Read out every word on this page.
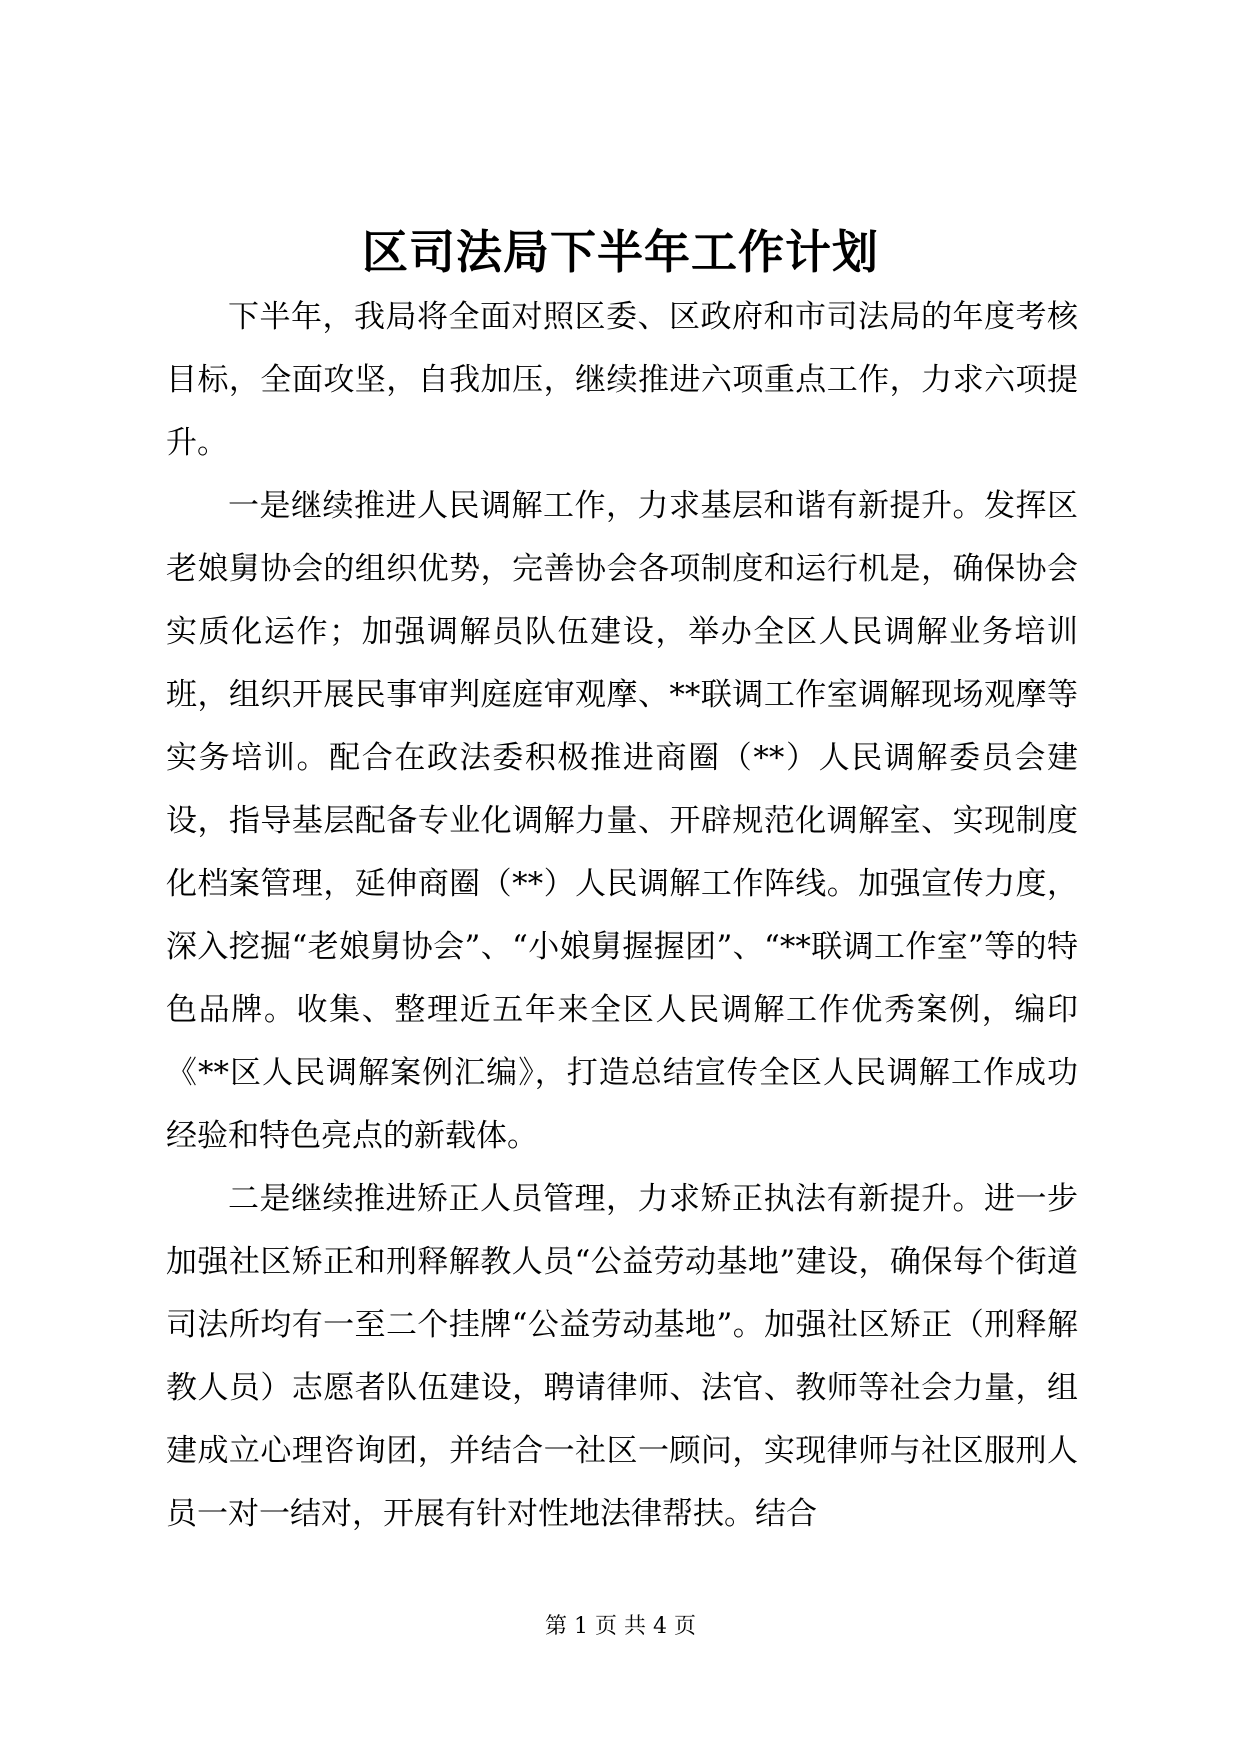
区司法局下半年工作计划

下半年，我局将全面对照区委、区政府和市司法局的年度考核目标，全面攻坚，自我加压，继续推进六项重点工作，力求六项提升。

一是继续推进人民调解工作，力求基层和谐有新提升。发挥区老娘舅协会的组织优势，完善协会各项制度和运行机是，确保协会实质化运作；加强调解员队伍建设，举办全区人民调解业务培训班，组织开展民事审判庭庭审观摩、**联调工作室调解现场观摩等实务培训。配合在政法委积极推进商圈（**）人民调解委员会建设，指导基层配备专业化调解力量、开辟规范化调解室、实现制度化档案管理，延伸商圈（**）人民调解工作阵线。加强宣传力度，深入挖掘“老娘舅协会”、“小娘舅握握团”、“**联调工作室”等的特色品牌。收集、整理近五年来全区人民调解工作优秀案例，编印《**区人民调解案例汇编》，打造总结宣传全区人民调解工作成功经验和特色亮点的新载体。

二是继续推进矫正人员管理，力求矫正执法有新提升。进一步加强社区矫正和刑释解教人员“公益劳动基地”建设，确保每个街道司法所均有一至二个挂牌“公益劳动基地”。加强社区矫正（刑释解教人员）志愿者队伍建设，聘请律师、法官、教师等社会力量，组建成立心理咨询团，并结合一社区一顾问，实现律师与社区服刑人员一对一结对，开展有针对性地法律帮扶。结合

第 1 页 共 4 页
